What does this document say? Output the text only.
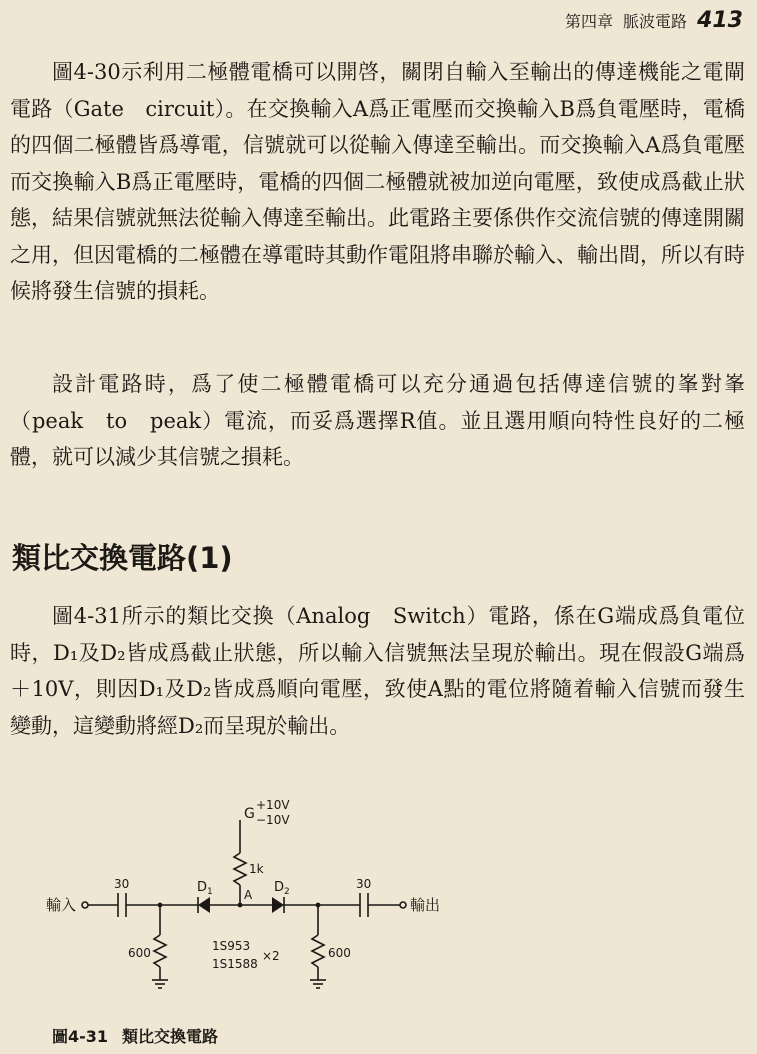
第四章 脈波電路 413
圖4-30示利用二極體電橋可以開啓，關閉自輸入至輸出的傳達機能之電閘電路（Gate　circuit）。在交換輸入A爲正電壓而交換輸入B爲負電壓時，電橋的四個二極體皆爲導電，信號就可以從輸入傳達至輸出。而交換輸入A爲負電壓而交換輸入B爲正電壓時，電橋的四個二極體就被加逆向電壓，致使成爲截止狀態，結果信號就無法從輸入傳達至輸出。此電路主要係供作交流信號的傳達開關之用，但因電橋的二極體在導電時其動作電阻將串聯於輸入、輸出間，所以有時候將發生信號的損耗。
設計電路時，爲了使二極體電橋可以充分通過包括傳達信號的峯對峯（peak　to　peak）電流，而妥爲選擇R值。並且選用順向特性良好的二極體，就可以減少其信號之損耗。
類比交換電路(1)
圖4-31所示的類比交換（Analog　Switch）電路，係在G端成爲負電位時，D₁及D₂皆成爲截止狀態，所以輸入信號無法呈現於輸出。現在假設G端爲＋10V，則因D₁及D₂皆成爲順向電壓，致使A點的電位將隨着輸入信號而發生變動，這變動將經D₂而呈現於輸出。
G
+10V
−10V
1k
A
$D_1$	$D_2$
30	30
輸入	輸出
600	600
1S953
1S1588
×2
圖4-31 類比交換電路
